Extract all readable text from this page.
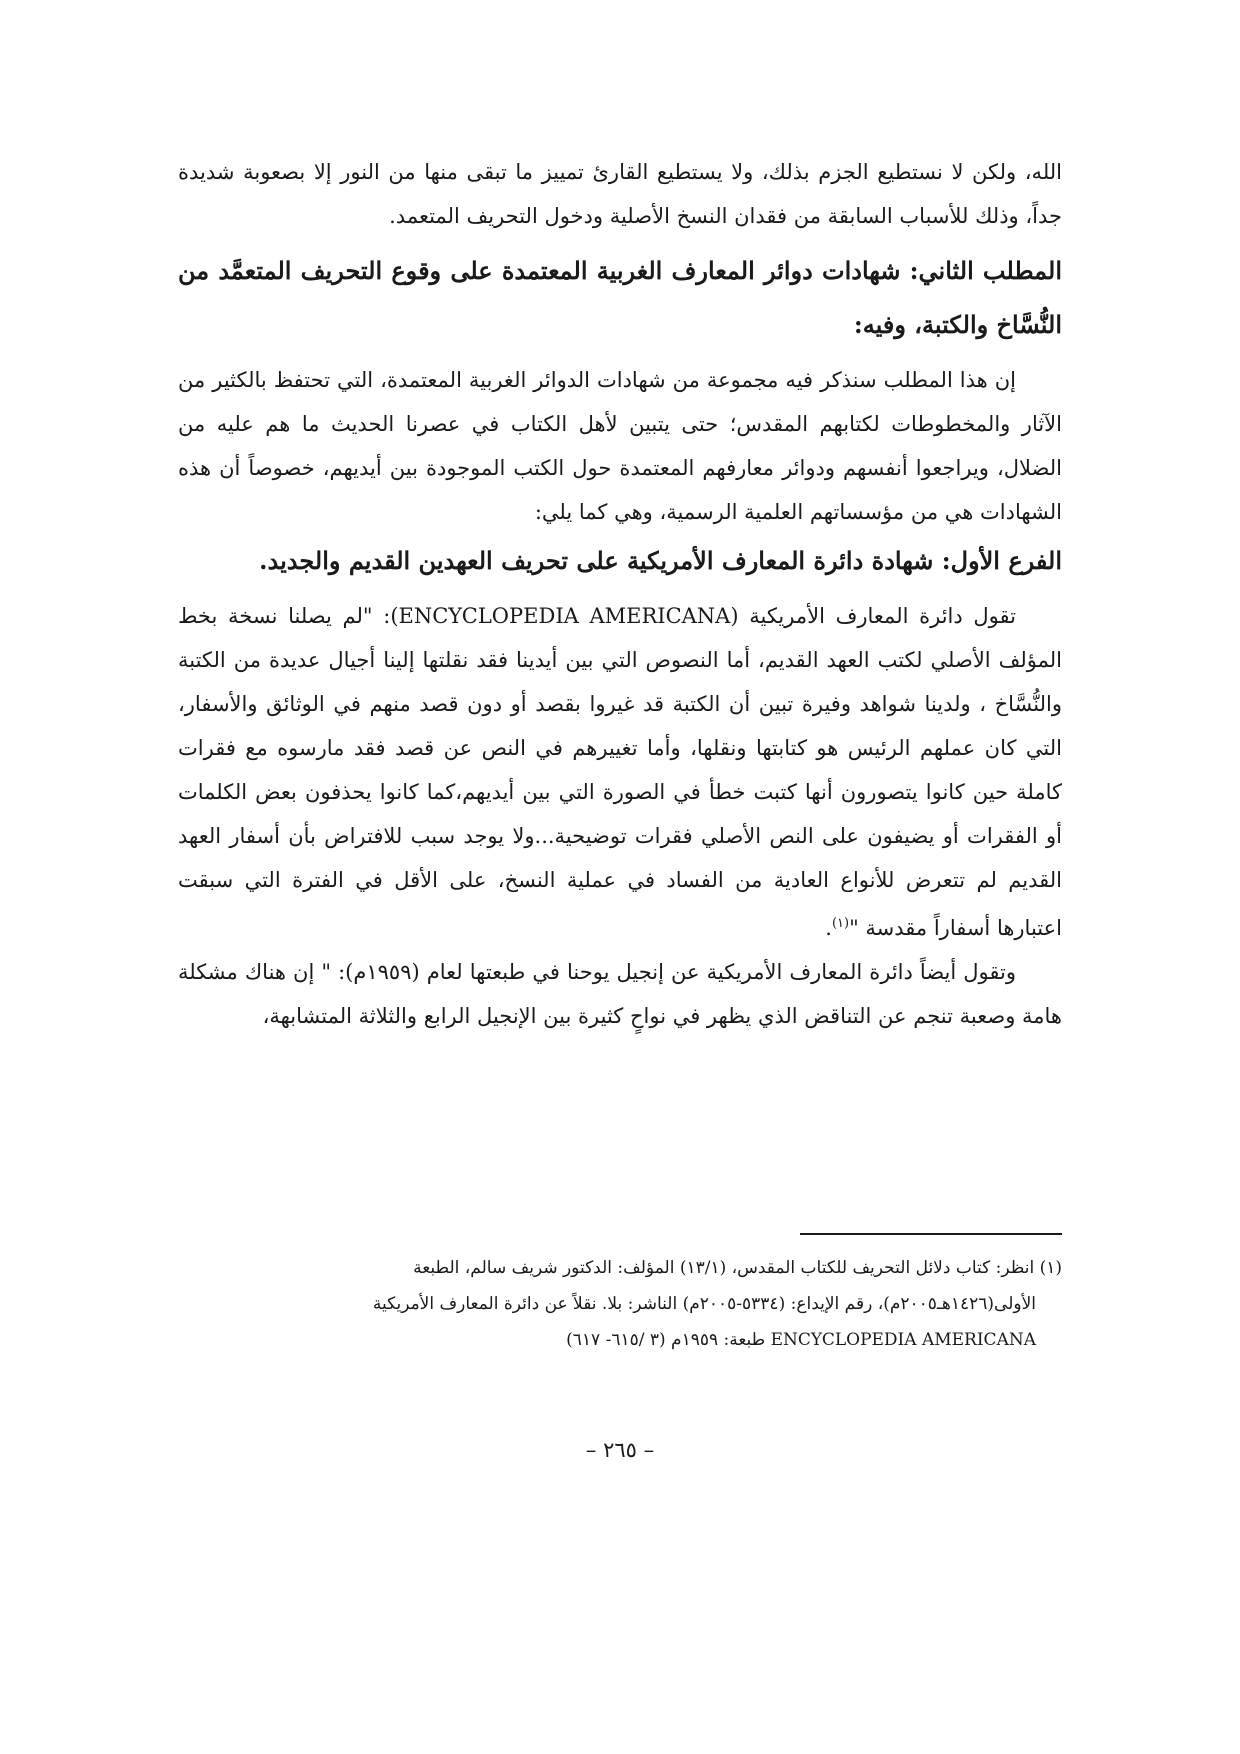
الله، ولكن لا نستطيع الجزم بذلك، ولا يستطيع القارئ تمييز ما تبقى منها من النور إلا بصعوبة شديدة جداً، وذلك للأسباب السابقة من فقدان النسخ الأصلية ودخول التحريف المتعمد.

المطلب الثاني: شهادات دوائر المعارف الغربية المعتمدة على وقوع التحريف المتعمَّد من النُّسَّاخ والكتبة، وفيه:

إن هذا المطلب سنذكر فيه مجموعة من شهادات الدوائر الغربية المعتمدة، التي تحتفظ بالكثير من الآثار والمخطوطات لكتابهم المقدس؛ حتى يتبين لأهل الكتاب في عصرنا الحديث ما هم عليه من الضلال، ويراجعوا أنفسهم ودوائر معارفهم المعتمدة حول الكتب الموجودة بين أيديهم، خصوصاً أن هذه الشهادات هي من مؤسساتهم العلمية الرسمية، وهي كما يلي:

الفرع الأول: شهادة دائرة المعارف الأمريكية على تحريف العهدين القديم والجديد.

تقول دائرة المعارف الأمريكية (ENCYCLOPEDIA AMERICANA): "لم يصلنا نسخة بخط المؤلف الأصلي لكتب العهد القديم، أما النصوص التي بين أيدينا فقد نقلتها إلينا أجيال عديدة من الكتبة والنُّسَّاخ ، ولدينا شواهد وفيرة تبين أن الكتبة قد غيروا بقصد أو دون قصد منهم في الوثائق والأسفار، التي كان عملهم الرئيس هو كتابتها ونقلها، وأما تغييرهم في النص عن قصد فقد مارسوه مع فقرات كاملة حين كانوا يتصورون أنها كتبت خطأ في الصورة التي بين أيديهم،كما كانوا يحذفون بعض الكلمات أو الفقرات أو يضيفون على النص الأصلي فقرات توضيحية...ولا يوجد سبب للافتراض بأن أسفار العهد القديم لم تتعرض للأنواع العادية من الفساد في عملية النسخ، على الأقل في الفترة التي سبقت اعتبارها أسفاراً مقدسة "$^{(١)}$.

وتقول أيضاً دائرة المعارف الأمريكية عن إنجيل يوحنا في طبعتها لعام (١٩٥٩م): " إن هناك مشكلة هامة وصعبة تنجم عن التناقض الذي يظهر في نواحٍ كثيرة بين الإنجيل الرابع والثلاثة المتشابهة،

(١) انظر: كتاب دلائل التحريف للكتاب المقدس، (١٣/١) المؤلف: الدكتور شريف سالم، الطبعة

الأولى(١٤٢٦هـ٢٠٠٥م)، رقم الإيداع: (٥٣٣٤-٢٠٠٥م) الناشر: بلا. نقلاً عن دائرة المعارف الأمريكية

ENCYCLOPEDIA AMERICANA طبعة: ١٩٥٩م (٣ /٦١٥- ٦١٧)

– ٢٦٥ –
